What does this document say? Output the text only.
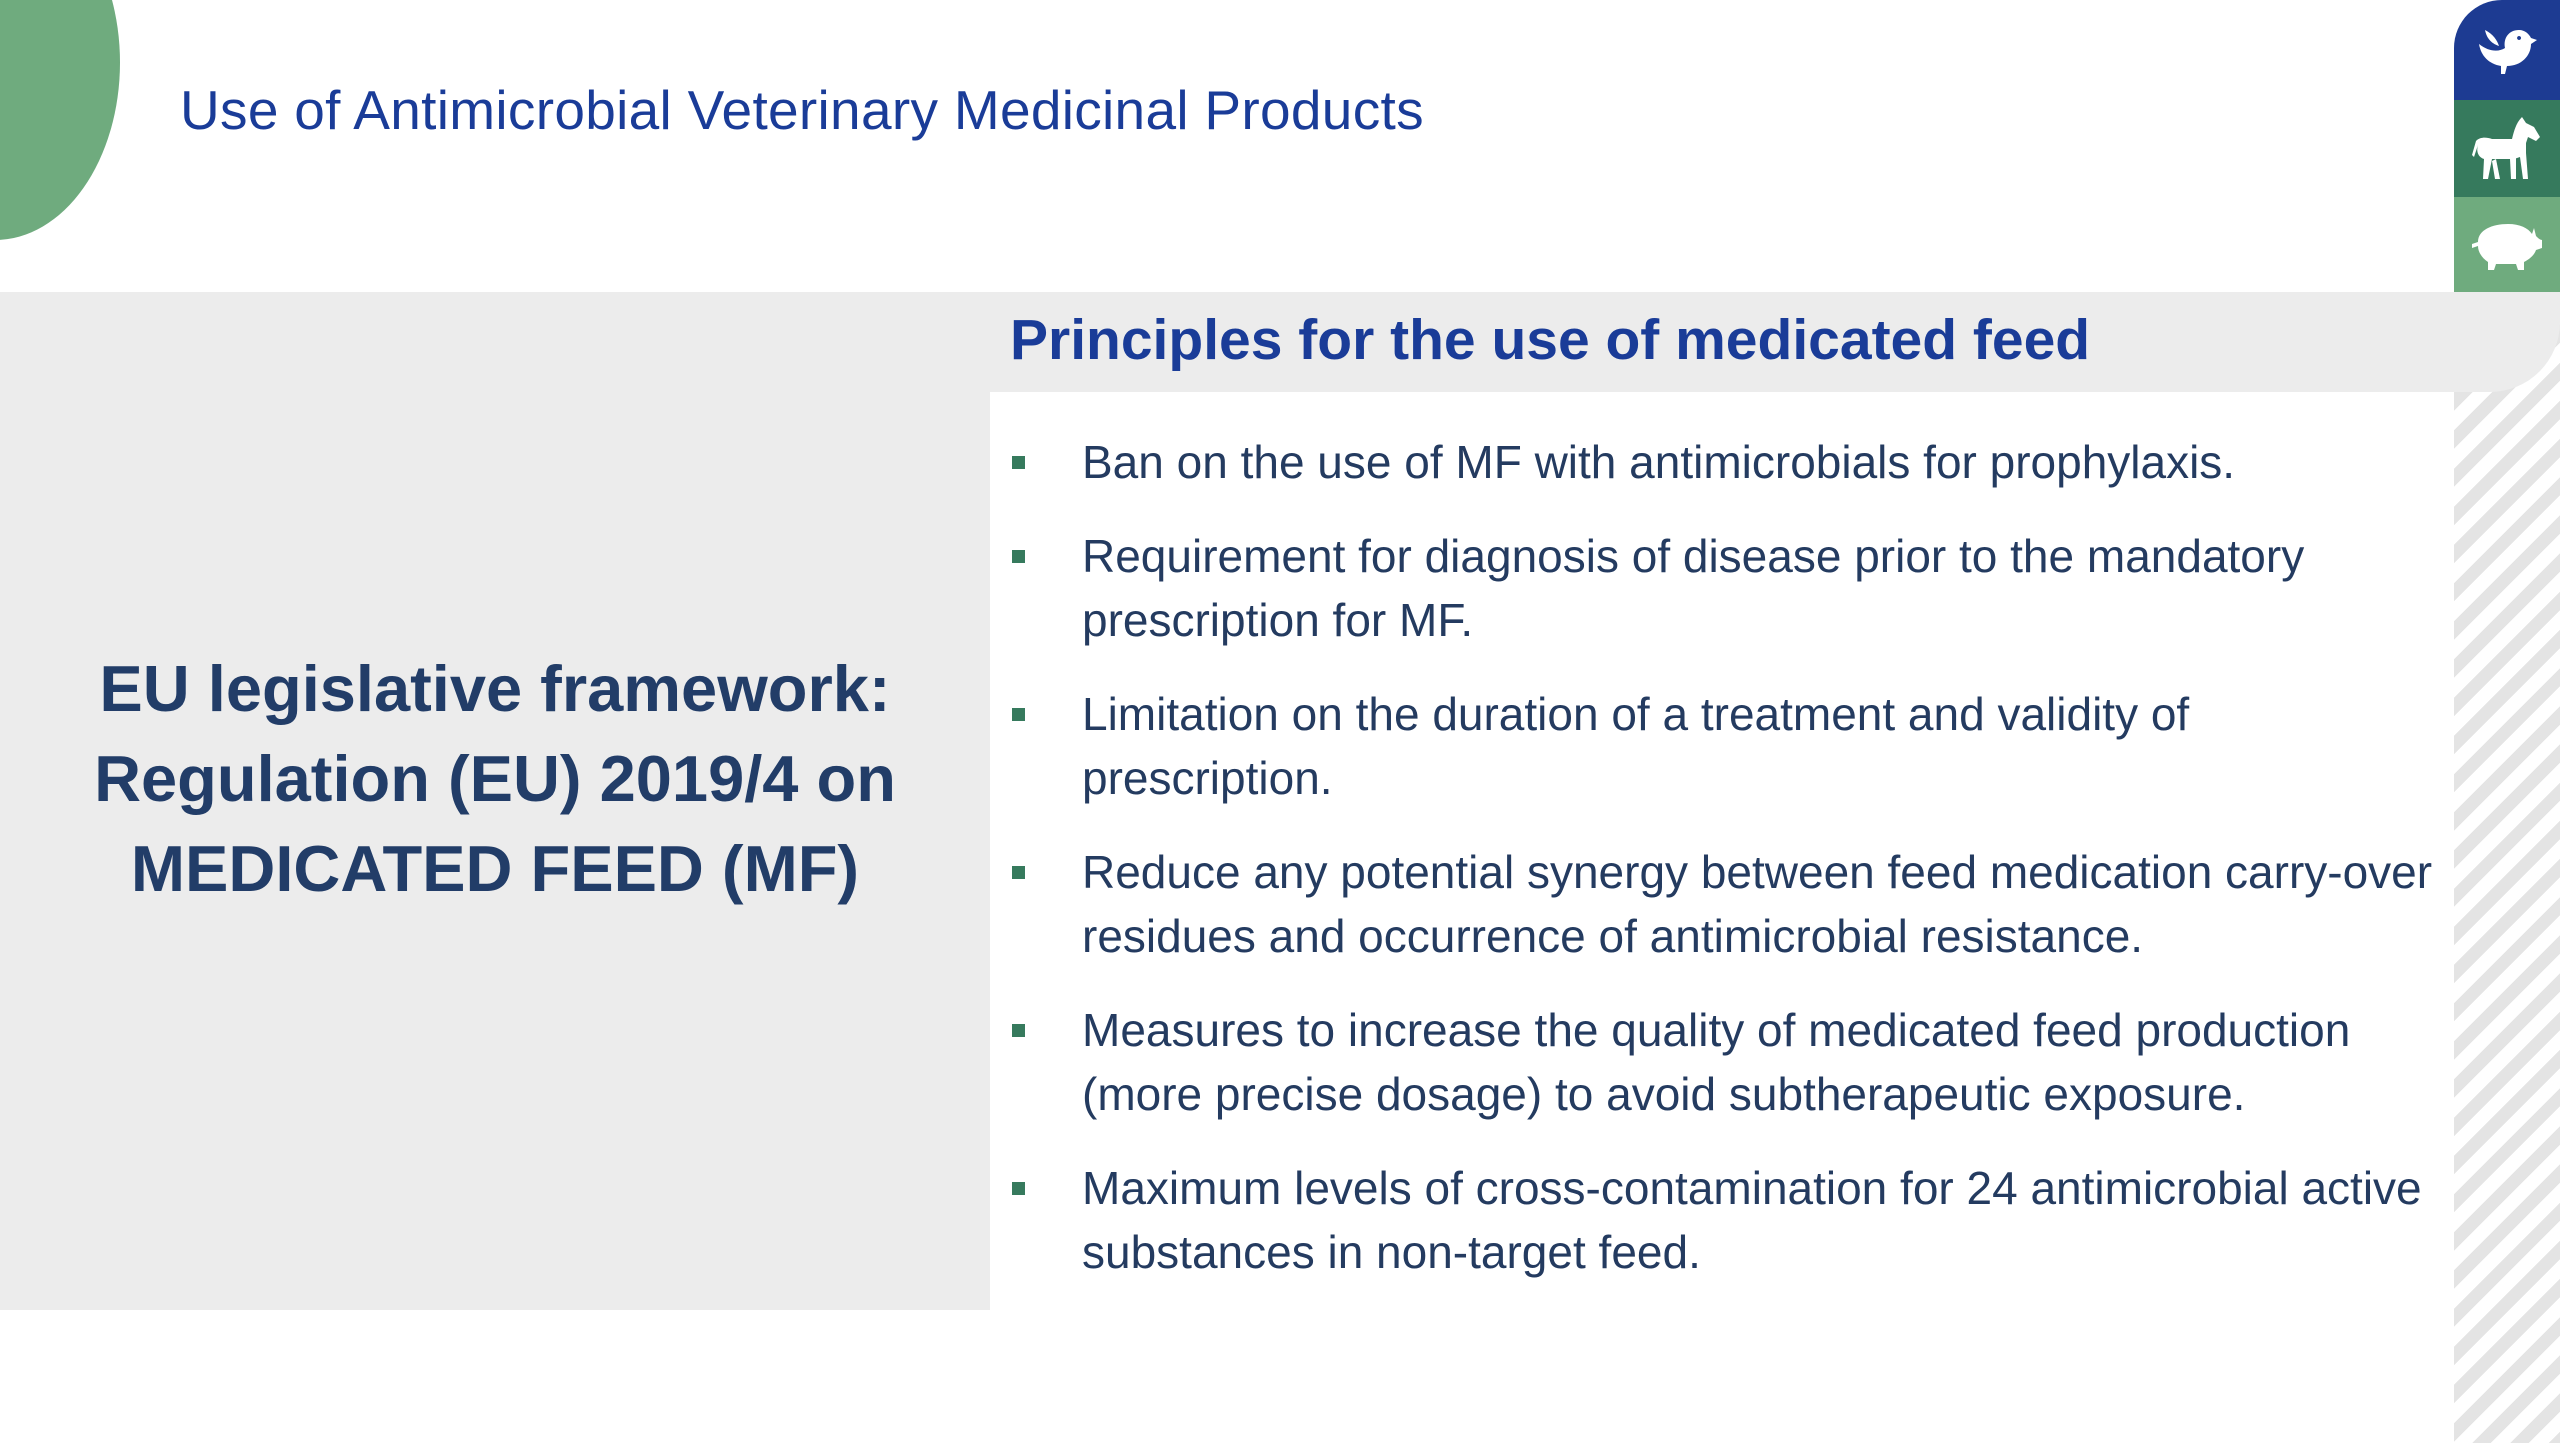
Use of Antimicrobial Veterinary Medicinal Products
EU legislative framework:
Regulation (EU) 2019/4 on
MEDICATED FEED (MF)
Principles for the use of medicated feed
Ban on the use of MF with antimicrobials for prophylaxis.
Requirement for diagnosis of disease prior to the mandatory prescription for MF.
Limitation on the duration of a treatment and validity of prescription.
Reduce any potential synergy between feed medication carry-over residues and occurrence of antimicrobial resistance.
Measures to increase the quality of medicated feed production (more precise dosage) to avoid subtherapeutic exposure.
Maximum levels of cross-contamination for 24 antimicrobial active substances in non-target feed.
